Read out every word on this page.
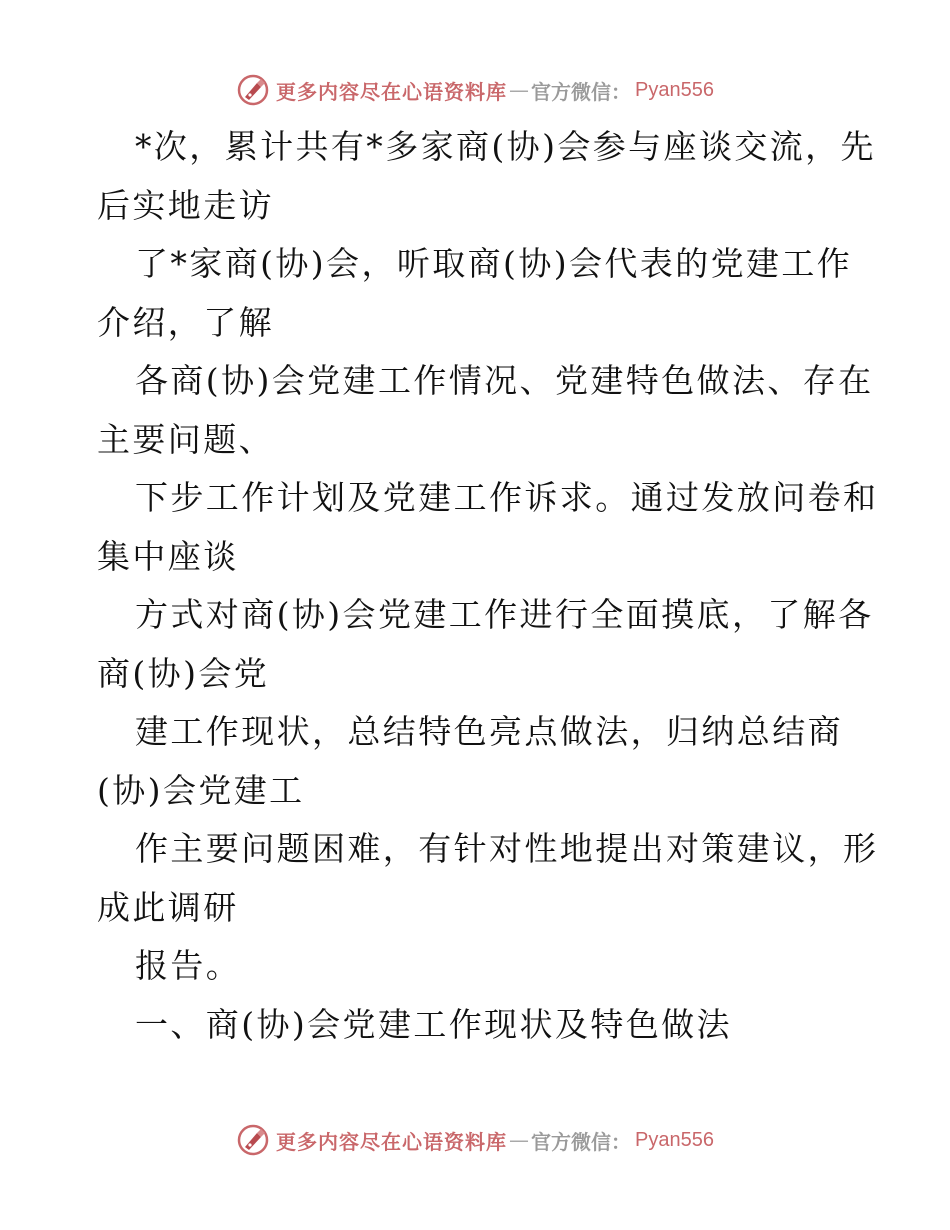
更多内容尽在心语资料库 — 官方微信： Pyan556
*次，累计共有*多家商(协)会参与座谈交流，先
后实地走访
了*家商(协)会，听取商(协)会代表的党建工作
介绍，了解
各商(协)会党建工作情况、党建特色做法、存在
主要问题、
下步工作计划及党建工作诉求。通过发放问卷和
集中座谈
方式对商(协)会党建工作进行全面摸底，了解各
商(协)会党
建工作现状，总结特色亮点做法，归纳总结商
(协)会党建工
作主要问题困难，有针对性地提出对策建议，形
成此调研
报告。
一、商(协)会党建工作现状及特色做法
更多内容尽在心语资料库 — 官方微信： Pyan556
